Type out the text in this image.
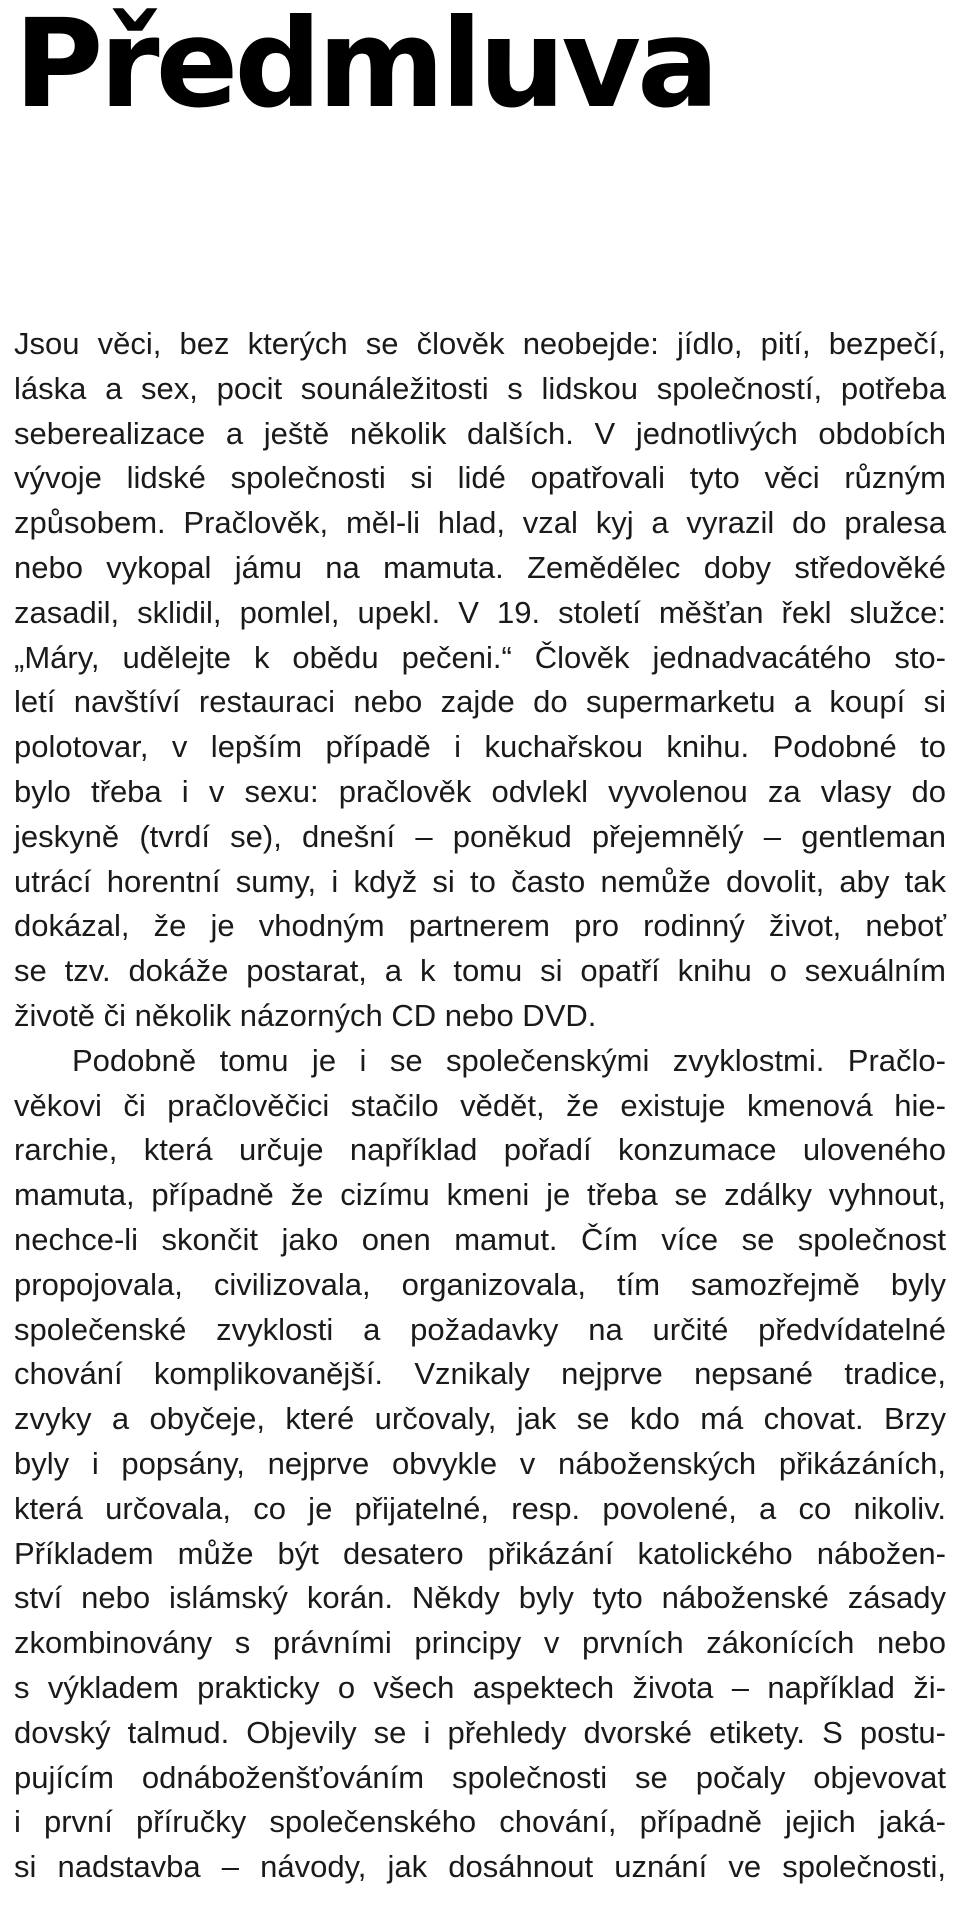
Předmluva
Jsou věci, bez kterých se člověk neobejde: jídlo, pití, bezpečí,
láska a sex, pocit sounáležitosti s lidskou společností, potřeba
seberealizace a ještě několik dalších. V jednotlivých obdobích
vývoje lidské společnosti si lidé opatřovali tyto věci různým
způsobem. Pračlověk, měl-li hlad, vzal kyj a vyrazil do pralesa
nebo vykopal jámu na mamuta. Zemědělec doby středověké
zasadil, sklidil, pomlel, upekl. V 19. století měšťan řekl služce:
„Máry, udělejte k obědu pečeni.“ Člověk jednadvacátého sto-
letí navštíví restauraci nebo zajde do supermarketu a koupí si
polotovar, v lepším případě i kuchařskou knihu. Podobné to
bylo třeba i v sexu: pračlověk odvlekl vyvolenou za vlasy do
jeskyně (tvrdí se), dnešní – poněkud přejemnělý – gentleman
utrácí horentní sumy, i když si to často nemůže dovolit, aby tak
dokázal, že je vhodným partnerem pro rodinný život, neboť
se tzv. dokáže postarat, a k tomu si opatří knihu o sexuálním
životě či několik názorných CD nebo DVD.
Podobně tomu je i se společenskými zvyklostmi. Pračlo-
věkovi či pračlověčici stačilo vědět, že existuje kmenová hie-
rarchie, která určuje například pořadí konzumace uloveného
mamuta, případně že cizímu kmeni je třeba se zdálky vyhnout,
nechce-li skončit jako onen mamut. Čím více se společnost
propojovala, civilizovala, organizovala, tím samozřejmě byly
společenské zvyklosti a požadavky na určité předvídatelné
chování komplikovanější. Vznikaly nejprve nepsané tradice,
zvyky a obyčeje, které určovaly, jak se kdo má chovat. Brzy
byly i popsány, nejprve obvykle v náboženských přikázáních,
která určovala, co je přijatelné, resp. povolené, a co nikoliv.
Příkladem může být desatero přikázání katolického nábožen-
ství nebo islámský korán. Někdy byly tyto náboženské zásady
zkombinovány s právními principy v prvních zákonících nebo
s výkladem prakticky o všech aspektech života – například ži-
dovský talmud. Objevily se i přehledy dvorské etikety. S postu-
pujícím odnáboženšťováním společnosti se počaly objevovat
i první příručky společenského chování, případně jejich jaká-
si nadstavba – návody, jak dosáhnout uznání ve společnosti,
